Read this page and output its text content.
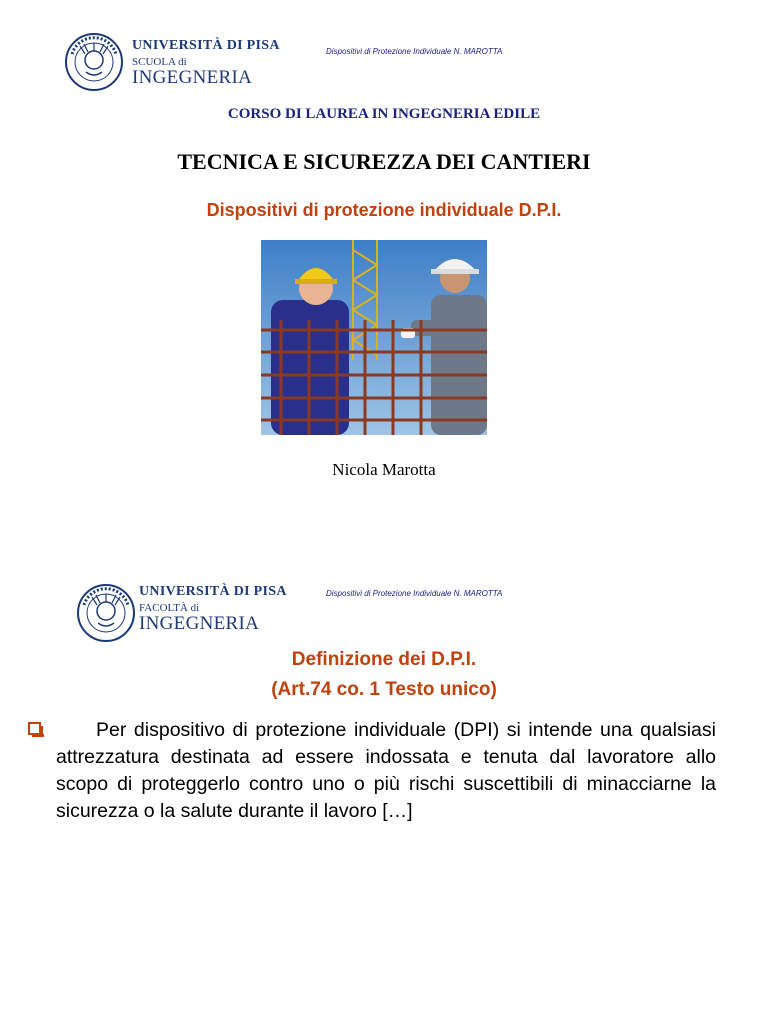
UNIVERSITÀ DI PISA
SCUOLA di
INGEGNERIA
Dispositivi di Protezione Individuale N. MAROTTA
CORSO DI LAUREA IN INGEGNERIA EDILE
TECNICA E SICUREZZA DEI CANTIERI
Dispositivi di protezione individuale D.P.I.
Nicola Marotta
UNIVERSITÀ DI PISA
FACOLTÀ di
INGEGNERIA
Dispositivi di Protezione Individuale N. MAROTTA
Definizione dei D.P.I.
(Art.74 co. 1 Testo unico)
Per dispositivo di protezione individuale (DPI) si intende una qualsiasi attrezzatura destinata ad essere indossata e tenuta dal lavoratore allo scopo di proteggerlo contro uno o più rischi suscettibili di minacciarne la sicurezza o la salute durante il lavoro […]
